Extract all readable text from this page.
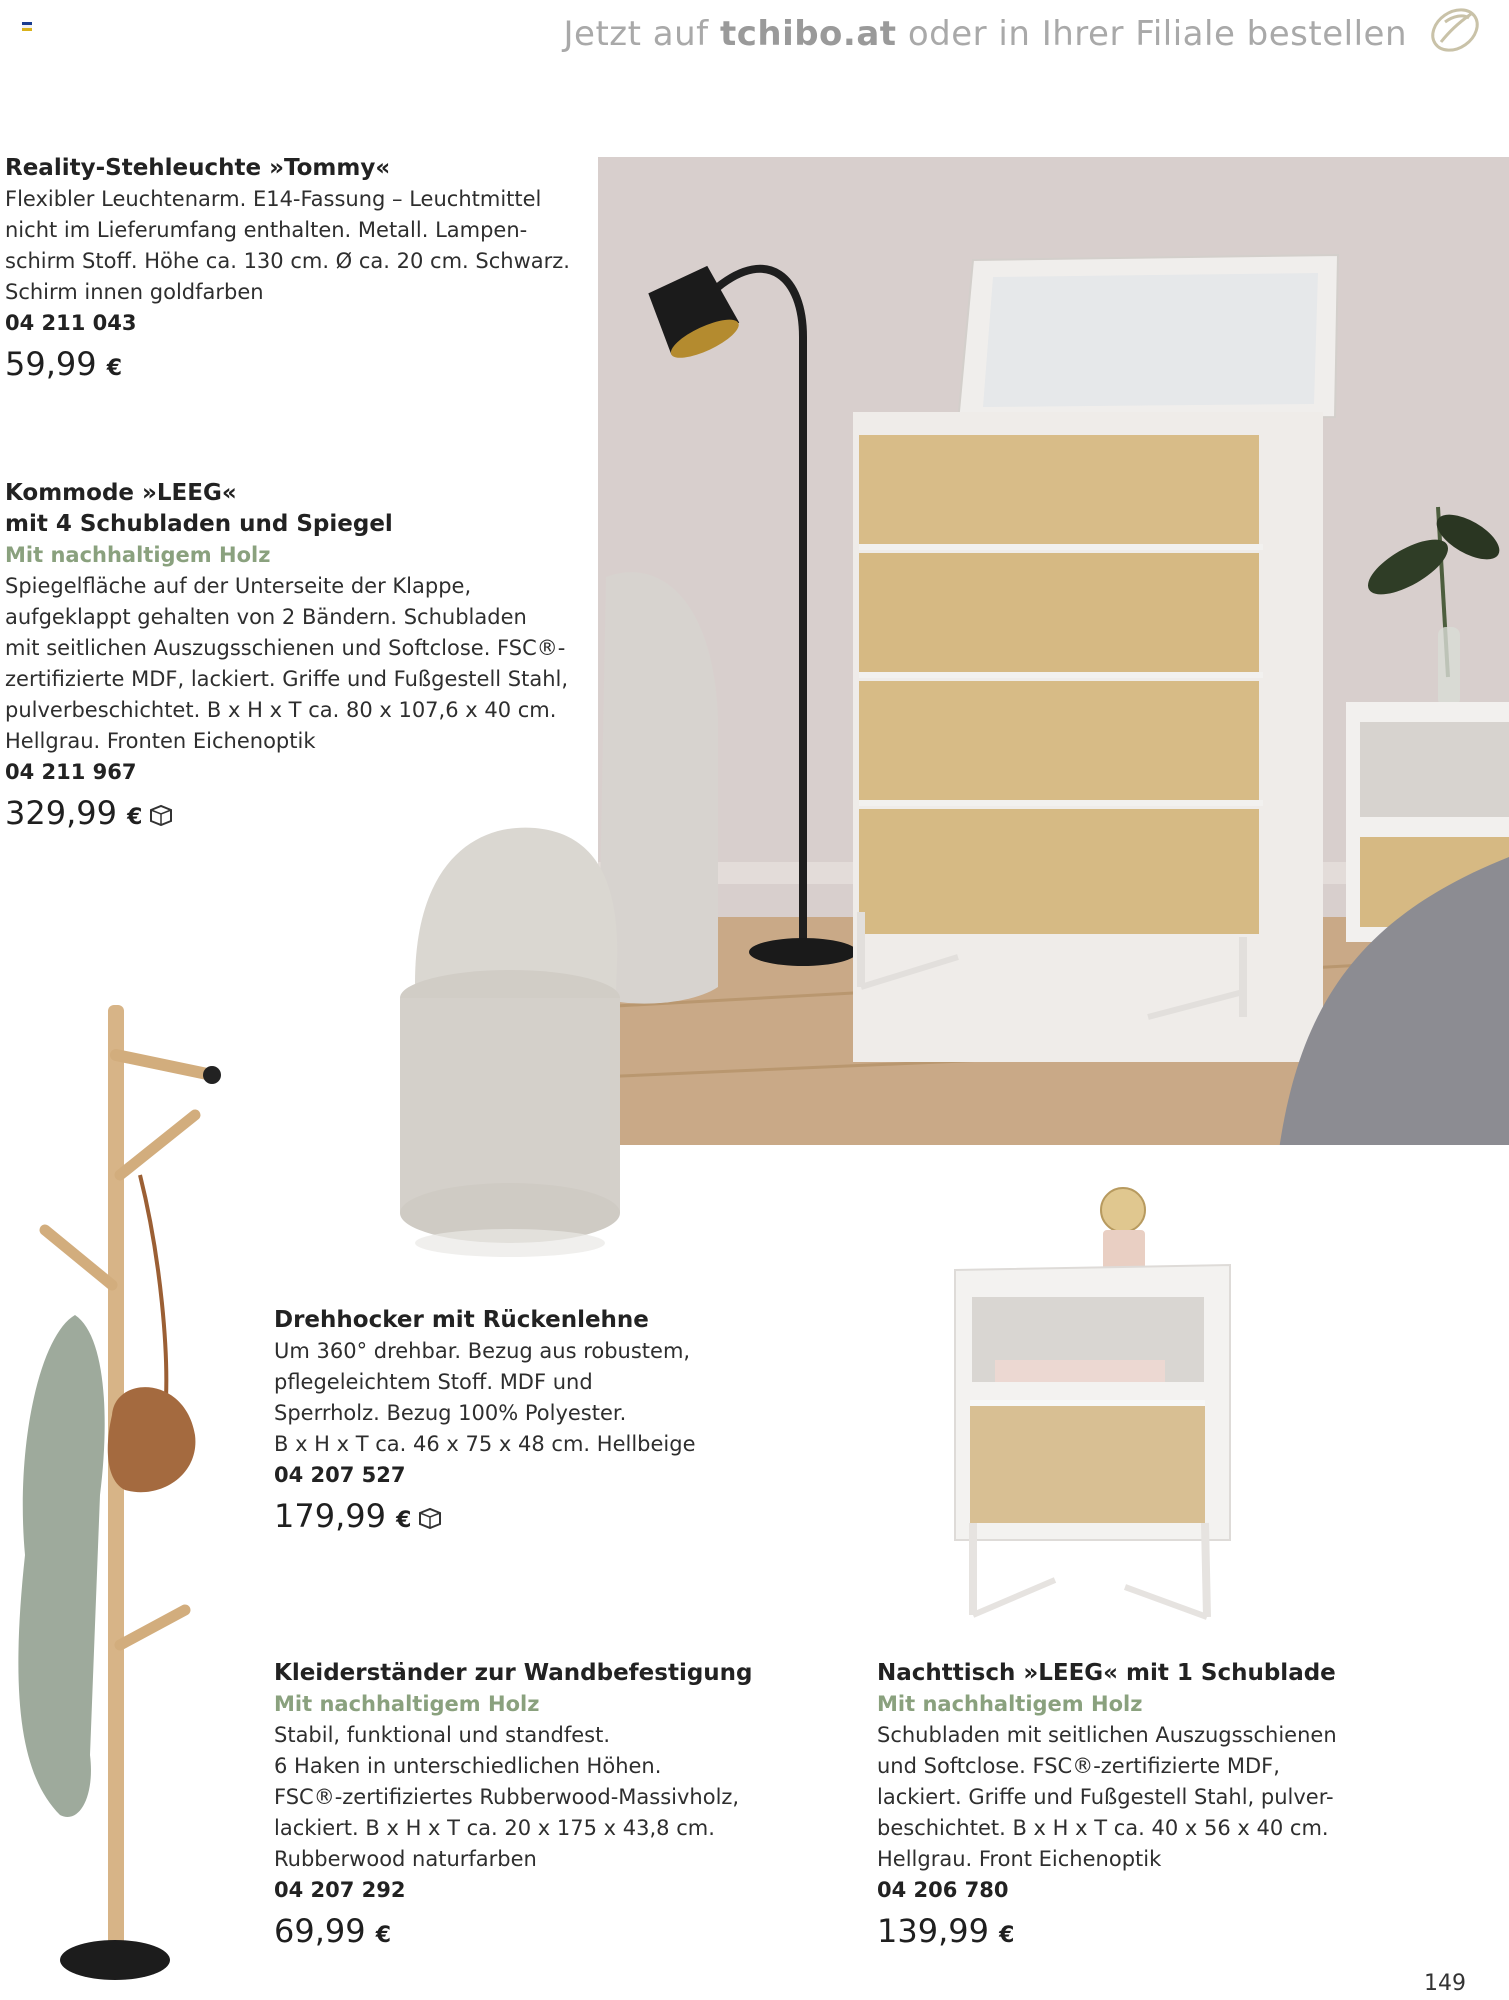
Jetzt auf tchibo.at oder in Ihrer Filiale bestellen
Reality-Stehleuchte »Tommy«
Flexibler Leuchtenarm. E14-Fassung – Leuchtmittel
nicht im Lieferumfang enthalten. Metall. Lampen-
schirm Stoff. Höhe ca. 130 cm. Ø ca. 20 cm. Schwarz.
Schirm innen goldfarben
04 211 043
59,99 €
Kommode »LEEG«
mit 4 Schubladen und Spiegel
Mit nachhaltigem Holz
Spiegelfläche auf der Unterseite der Klappe,
aufgeklappt gehalten von 2 Bändern. Schubladen
mit seitlichen Auszugsschienen und Softclose. FSC®-
zertifizierte MDF, lackiert. Griffe und Fußgestell Stahl,
pulverbeschichtet. B x H x T ca. 80 x 107,6 x 40 cm.
Hellgrau. Fronten Eichenoptik
04 211 967
329,99 €
Drehhocker mit Rückenlehne
Um 360° drehbar. Bezug aus robustem,
pflegeleichtem Stoff. MDF und
Sperrholz. Bezug 100% Polyester.
B x H x T ca. 46 x 75 x 48 cm. Hellbeige
04 207 527
179,99 €
Kleiderständer zur Wandbefestigung
Mit nachhaltigem Holz
Stabil, funktional und standfest.
6 Haken in unterschiedlichen Höhen.
FSC®-zertifiziertes Rubberwood-Massivholz,
lackiert. B x H x T ca. 20 x 175 x 43,8 cm.
Rubberwood naturfarben
04 207 292
69,99 €
Nachttisch »LEEG« mit 1 Schublade
Mit nachhaltigem Holz
Schubladen mit seitlichen Auszugsschienen
und Softclose. FSC®-zertifizierte MDF,
lackiert. Griffe und Fußgestell Stahl, pulver-
beschichtet. B x H x T ca. 40 x 56 x 40 cm.
Hellgrau. Front Eichenoptik
04 206 780
139,99 €
149
